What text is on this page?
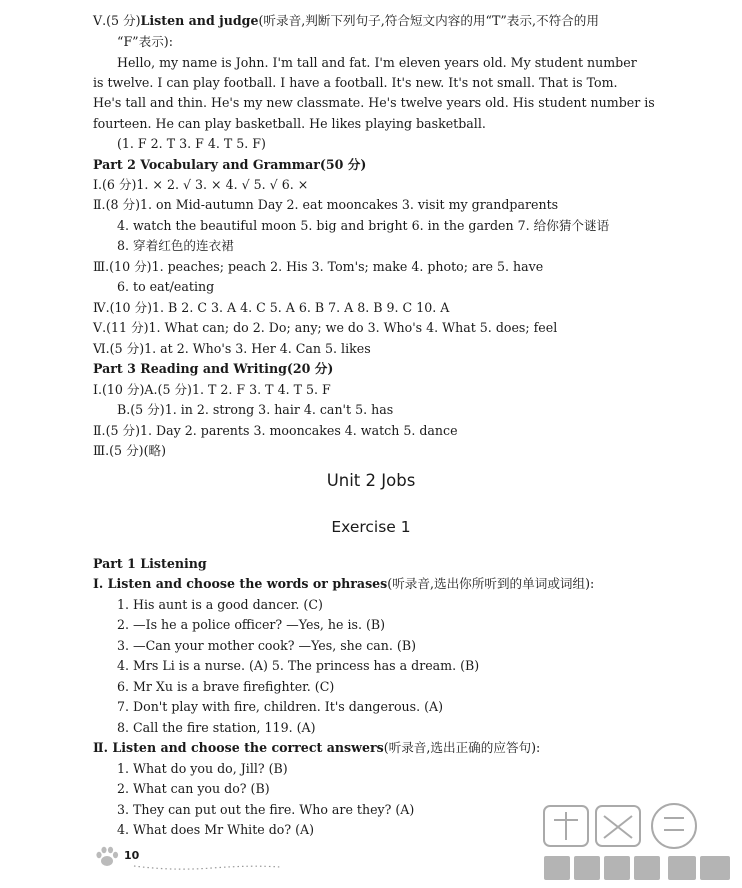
Ⅴ.(5 分)Listen and judge(听录音,判断下列句子,符合短文内容的用“T”表示,不符合的用
“F”表示):
Hello, my name is John. I'm tall and fat. I'm eleven years old. My student number
is twelve. I can play football. I have a football. It's new. It's not small. That is Tom.
He's tall and thin. He's my new classmate. He's twelve years old. His student number is
fourteen. He can play basketball. He likes playing basketball.
(1. F 2. T 3. F 4. T 5. F)
Part 2 Vocabulary and Grammar(50 分)
Ⅰ.(6 分)1. × 2. √ 3. × 4. √ 5. √ 6. ×
Ⅱ.(8 分)1. on Mid-autumn Day 2. eat mooncakes 3. visit my grandparents
4. watch the beautiful moon 5. big and bright 6. in the garden 7. 给你猜个谜语
8. 穿着红色的连衣裙
Ⅲ.(10 分)1. peaches; peach 2. His 3. Tom's; make 4. photo; are 5. have
6. to eat/eating
Ⅳ.(10 分)1. B 2. C 3. A 4. C 5. A 6. B 7. A 8. B 9. C 10. A
Ⅴ.(11 分)1. What can; do 2. Do; any; we do 3. Who's 4. What 5. does; feel
Ⅵ.(5 分)1. at 2. Who's 3. Her 4. Can 5. likes
Part 3 Reading and Writing(20 分)
Ⅰ.(10 分)A.(5 分)1. T 2. F 3. T 4. T 5. F
B.(5 分)1. in 2. strong 3. hair 4. can't 5. has
Ⅱ.(5 分)1. Day 2. parents 3. mooncakes 4. watch 5. dance
Ⅲ.(5 分)(略)
Unit 2 Jobs
Exercise 1
Part 1 Listening
Ⅰ. Listen and choose the words or phrases(听录音,选出你所听到的单词或词组):
1. His aunt is a good dancer. (C)
2. —Is he a police officer? —Yes, he is. (B)
3. —Can your mother cook? —Yes, she can. (B)
4. Mrs Li is a nurse. (A) 5. The princess has a dream. (B)
6. Mr Xu is a brave firefighter. (C)
7. Don't play with fire, children. It's dangerous. (A)
8. Call the fire station, 119. (A)
Ⅱ. Listen and choose the correct answers(听录音,选出正确的应答句):
1. What do you do, Jill? (B)
2. What can you do? (B)
3. They can put out the fire. Who are they? (A)
4. What does Mr White do? (A)
10
